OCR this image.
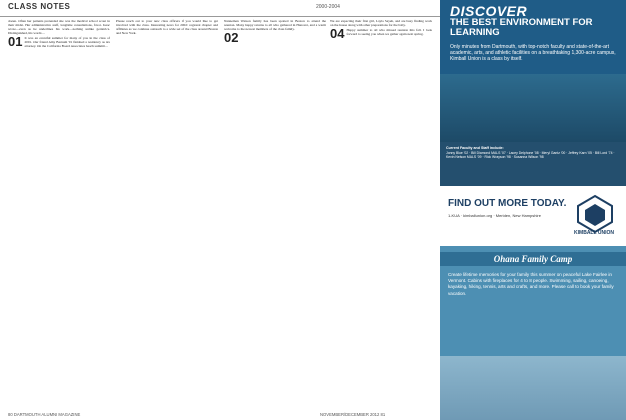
CLASS NOTES	2000-2004

dozen. Often her patients pretended she was the medical school scout in their midst. Her administrative staff, longtime consultations, favor. Isaac wrote—even as he underlines his work—nothing unlike geriatrics. Distinguished, his words…

01 It was an eventful summer for many of you in the class of 2001. Our friend Amy Barnum '01 finished a residency as tax attorney. On the California Board Associates beach summit…

Please reach out to your new class officers if you would like to get involved with the class. Interesting news for 2002: regional chapter and affiliates as we continue outreach to a wide set of the class around Boston and New York.

Nanneman Watson family has been spotted in Boston to attend the reunion. Many happy returns to all who gathered in Hanover, and a warm welcome to the newest members of the class family.

02

We are expecting their first girl, Layla Sayeh, and are busy finding work on the house along with other preparations for the baby.

04 Happy summer to all who missed reunion this fall. I look forward to seeing you when we gather again next spring.

DISCOVER
THE BEST ENVIRONMENT FOR LEARNING
Only minutes from Dartmouth, with top-notch faculty and state-of-the-art academic, arts, and athletic facilities on a breathtaking 1,300-acre campus, Kimball Union is a class by itself.
Current Faculty and Staff include:
Jonny Blue '02 · Bill Diamond MALS '07 · Lacey Delphone '08 · Meryl Gantz '00 · Jeffrey Karn '05 · Bill Lord '74 · Kevin Nelson MALS '09 · Rick Wrayson '98 · Susanna Wilson '98
FIND OUT MORE TODAY.
1-KUA · kimballunion.org · Meriden, New Hampshire
KIMBALL UNION
Ohana Family Camp
Create lifetime memories for your family this summer on peaceful Lake Fairlee in Vermont. Cabins with fireplaces for 4 to 8 people. Swimming, sailing, canoeing, kayaking, hiking, tennis, arts and crafts, and more. Please call to book your family vacation.
80 DARTMOUTH ALUMNI MAGAZINE	NOVEMBER/DECEMBER 2012 81
